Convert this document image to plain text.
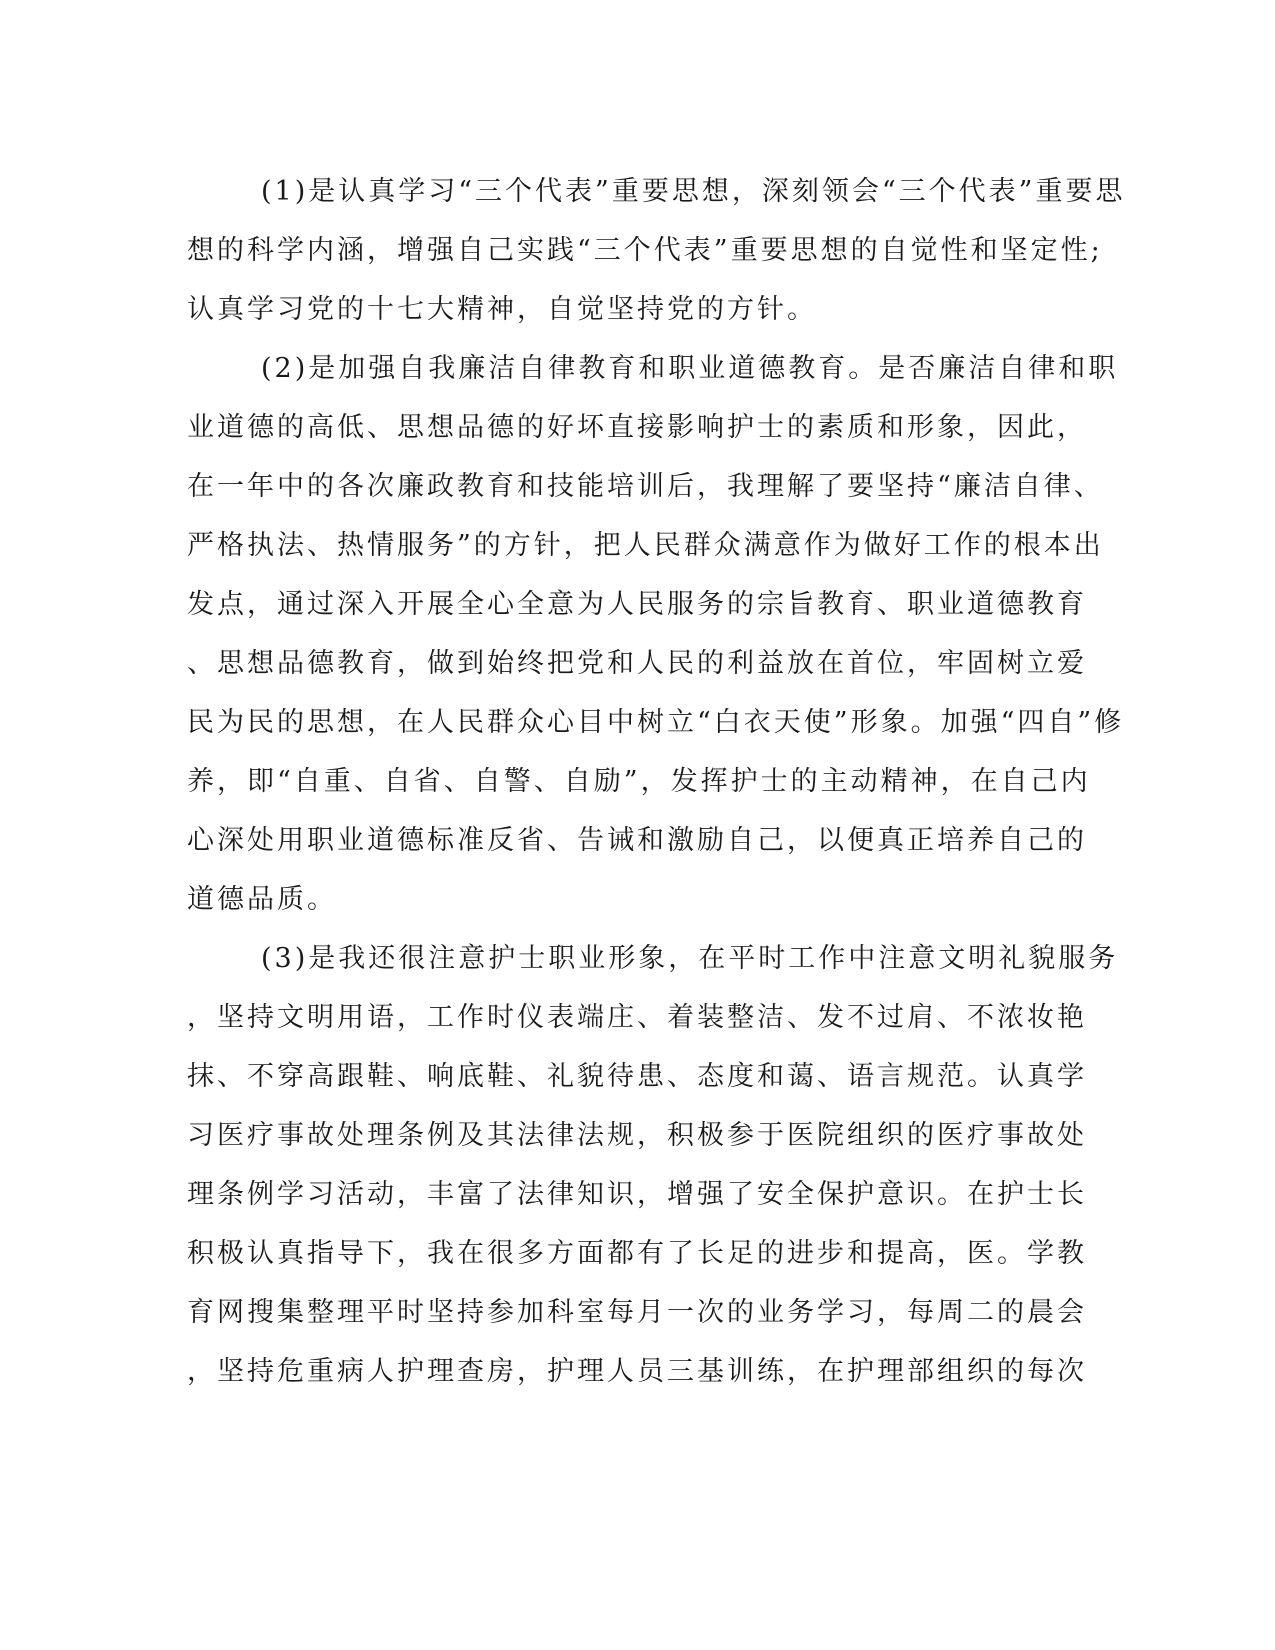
(1)是认真学习“三个代表”重要思想，深刻领会“三个代表”重要思
想的科学内涵，增强自己实践“三个代表”重要思想的自觉性和坚定性;
认真学习党的十七大精神，自觉坚持党的方针。
(2)是加强自我廉洁自律教育和职业道德教育。是否廉洁自律和职
业道德的高低、思想品德的好坏直接影响护士的素质和形象，因此，
在一年中的各次廉政教育和技能培训后，我理解了要坚持“廉洁自律、
严格执法、热情服务”的方针，把人民群众满意作为做好工作的根本出
发点，通过深入开展全心全意为人民服务的宗旨教育、职业道德教育
、思想品德教育，做到始终把党和人民的利益放在首位，牢固树立爱
民为民的思想，在人民群众心目中树立“白衣天使”形象。加强“四自”修
养，即“自重、自省、自警、自励”，发挥护士的主动精神，在自己内
心深处用职业道德标准反省、告诫和激励自己，以便真正培养自己的
道德品质。
(3)是我还很注意护士职业形象，在平时工作中注意文明礼貌服务
，坚持文明用语，工作时仪表端庄、着装整洁、发不过肩、不浓妆艳
抹、不穿高跟鞋、响底鞋、礼貌待患、态度和蔼、语言规范。认真学
习医疗事故处理条例及其法律法规，积极参于医院组织的医疗事故处
理条例学习活动，丰富了法律知识，增强了安全保护意识。在护士长
积极认真指导下，我在很多方面都有了长足的进步和提高，医。学教
育网搜集整理平时坚持参加科室每月一次的业务学习，每周二的晨会
，坚持危重病人护理查房，护理人员三基训练，在护理部组织的每次
